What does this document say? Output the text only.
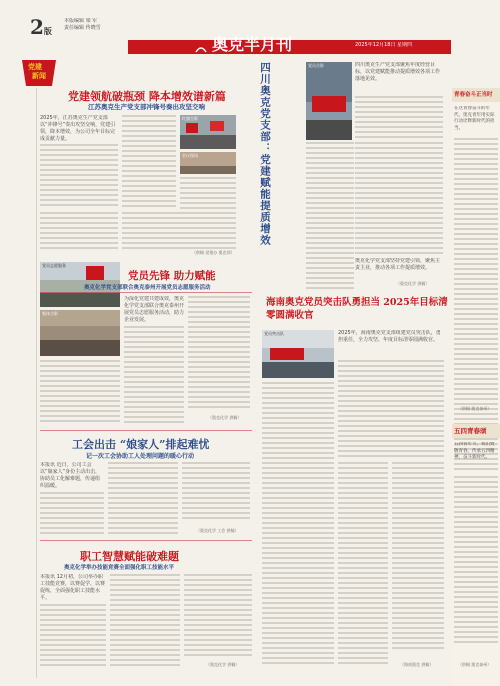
2版
本版编辑 梁 军
责任编辑 佟晓雪
奥克半月刊	2025年12月18日 星期四
党建
新闻
党建领航破瓶颈 降本增效谱新篇
江苏奥克生产党支部冲锋号奏出攻坚交响
2025年，江苏奥克生产党支部以“冲锋号”奏出攻坚交响，党建引领，降本增效，为公司全年目标完成贡献力量。
红旗合影
会议现场
（供稿 党建办 奥克邦）
四川奥克党支部：党建赋能提质增效	党员合影	四川奥克生产党支部聚焦年度经营目标，以党建赋能推动提质增效各项工作落地见效。
奥克化学党支部坚持党建引领，聚焦主责主业，推动各项工作提质增效。
（奥克化学 供稿）
党员志愿服务
党员先锋 助力赋能
奥克化学党支部联合奥克泰州开展党员志愿服务活动
集体合影
为深化党建共建成效，奥克化学党支部联合奥克泰州开展党员志愿服务活动，助力企业发展。
（奥克化学 供稿）
海南奥克党员突击队勇担当 2025年目标清零圆满收官
党员突击队	2025年，海南奥克党支部组建党员突击队，勇担重任，全力攻坚，年度目标清零圆满收官。
（海南奥克 供稿）
工会出击 “娘家人”排起难忧
记一次工会协助工人处理问题的暖心行动
本报讯 近日，公司工会以“娘家人”身份主动出击，协助员工化解难题，传递组织温暖。
（奥克化学 工会 供稿）
职工智慧赋能破难题
奥克化学举办技能竞赛全面强化职工技能水平
本报讯 12月初，公司举办职工技能竞赛，以赛促学、以赛促练，全面强化职工技能水平。
（奥克化学 供稿）
青春奋斗正当时
在这青春奋斗的年代，奥克青年用实际行动诠释新时代的担当。
（供稿 奥克泰州）
五四青春颂
五四青年节，我们致敬青春，传承五四精神，奋斗新时代。
（供稿 奥克泰州）
